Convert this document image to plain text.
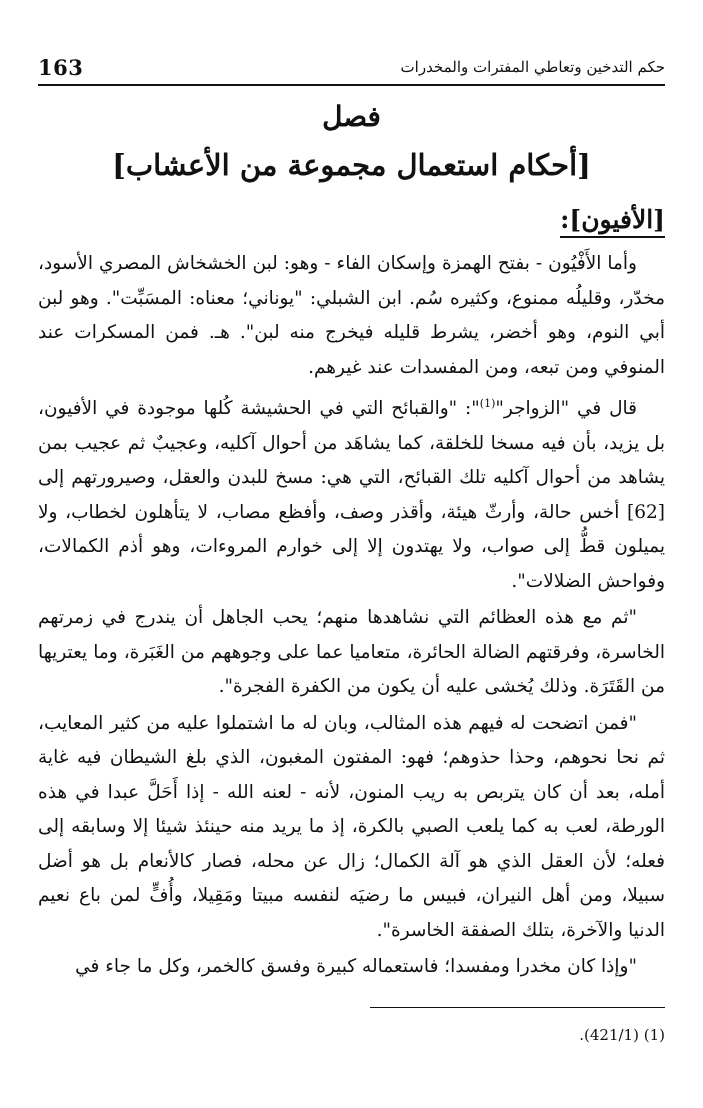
163	حكم التدخين وتعاطي المفترات والمخدرات
فصل
[أحكام استعمال مجموعة من الأعشاب]
[الأفيون]:

وأما الأَفْيُون - بفتح الهمزة وإسكان الفاء - وهو: لبن الخشخاش المصري الأسود، مخدّر، وقليلُه ممنوع، وكثيره سُم. ابن الشبلي: "يوناني؛ معناه: المسَبِّت". وهو لبن أبي النوم، وهو أخضر، يشرط قليله فيخرج منه لبن". هـ. فمن المسكرات عند المنوفي ومن تبعه، ومن المفسدات عند غيرهم.

قال في "الزواجر"$^{(1)}$": "والقبائح التي في الحشيشة كُلها موجودة في الأفيون، بل يزيد، بأن فيه مسخا للخلقة، كما يشاهَد من أحوال آكليه، وعجيبٌ ثم عجيب بمن يشاهد من أحوال آكليه تلك القبائح، التي هي: مسخ للبدن والعقل، وصيرورتهم إلى [62] أخس حالة، وأرثّ هيئة، وأقذر وصف، وأفظع مصاب، لا يتأهلون لخطاب، ولا يميلون قطُّ إلى صواب، ولا يهتدون إلا إلى خوارم المروءات، وهو أذم الكمالات، وفواحش الضلالات".

"ثم مع هذه العظائم التي نشاهدها منهم؛ يحب الجاهل أن يندرج في زمرتهم الخاسرة، وفرقتهم الضالة الحائرة، متعاميا عما على وجوههم من الغَبَرة، وما يعتريها من القَتَرَة. وذلك يُخشى عليه أن يكون من الكفرة الفجرة".

"فمن اتضحت له فيهم هذه المثالب، وبان له ما اشتملوا عليه من كثير المعايب، ثم نحا نحوهم، وحذا حذوهم؛ فهو: المفتون المغبون، الذي بلغ الشيطان فيه غاية أمله، بعد أن كان يتربص به ريب المنون، لأنه - لعنه الله - إذا أَحَلَّ عبدا في هذه الورطة، لعب به كما يلعب الصبي بالكرة، إذ ما يريد منه حينئذ شيئا إلا وسابقه إلى فعله؛ لأن العقل الذي هو آلة الكمال؛ زال عن محله، فصار كالأنعام بل هو أضل سبيلا، ومن أهل النيران، فبيس ما رضيَه لنفسه مبيتا ومَقِيلا، وأُفٍّ لمن باع نعيم الدنيا والآخرة، بتلك الصفقة الخاسرة".

"وإذا كان مخدرا ومفسدا؛ فاستعماله كبيرة وفسق كالخمر، وكل ما جاء في

(1) (421/1).
